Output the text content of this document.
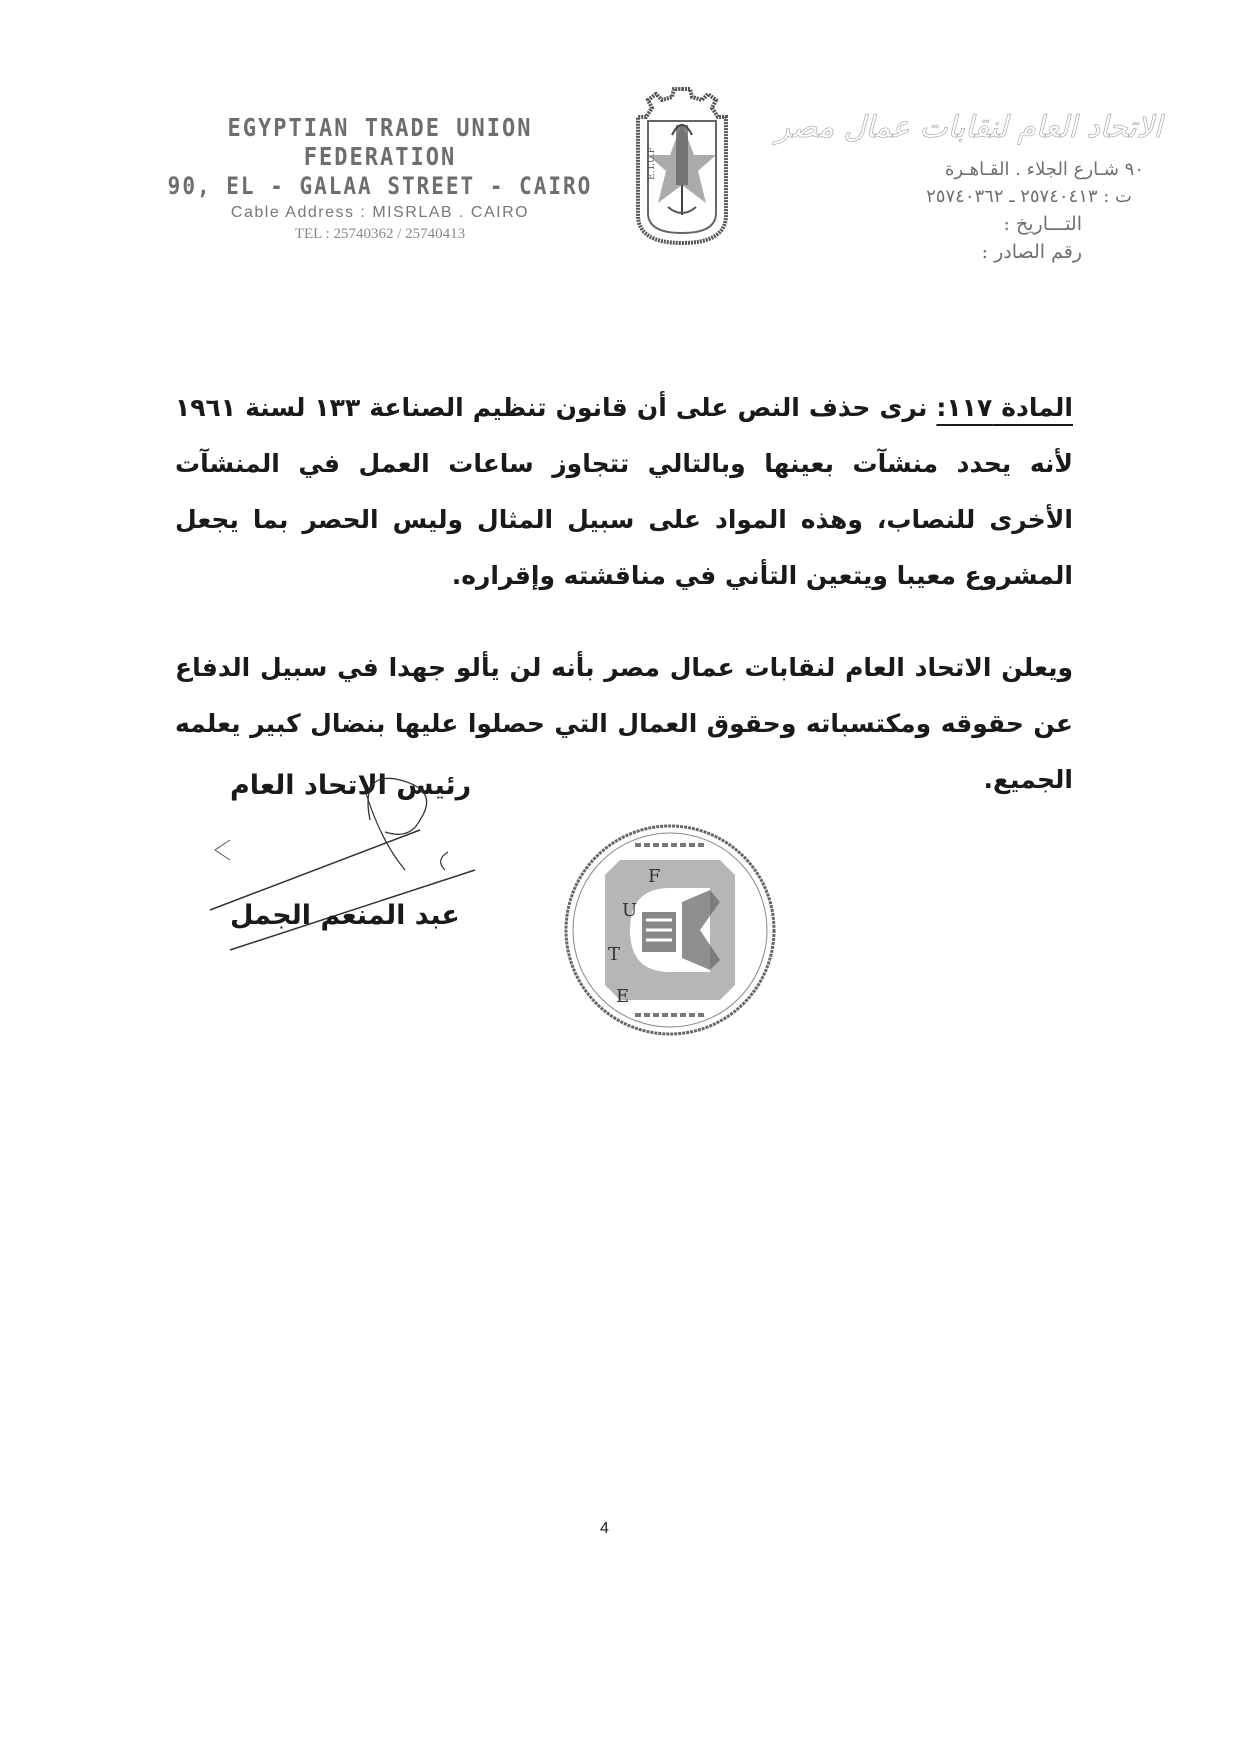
EGYPTIAN TRADE UNION FEDERATION
90, EL - GALAA STREET - CAIRO
Cable Address : MISRLAB . CAIRO
TEL : 25740362 / 25740413
E.T.U.F
الاتحاد العام لنقابات عمال مصر
٩٠ شـارع الجلاء . القـاهـرة
ت : ٢٥٧٤٠٤١٣ ـ ٢٥٧٤٠٣٦٢
التـــاريخ :
رقم الصادر :
المادة ١١٧: نرى حذف النص على أن قانون تنظيم الصناعة ١٣٣ لسنة ١٩٦١ لأنه يحدد منشآت بعينها وبالتالي تتجاوز ساعات العمل في المنشآت الأخرى للنصاب، وهذه المواد على سبيل المثال وليس الحصر بما يجعل المشروع معيبا ويتعين التأني في مناقشته وإقراره.
ويعلن الاتحاد العام لنقابات عمال مصر بأنه لن يألو جهدا في سبيل الدفاع عن حقوقه ومكتسباته وحقوق العمال التي حصلوا عليها بنضال كبير يعلمه الجميع.
رئيس الاتحاد العام
عبد المنعم الجمل
F
U
T
E
4
